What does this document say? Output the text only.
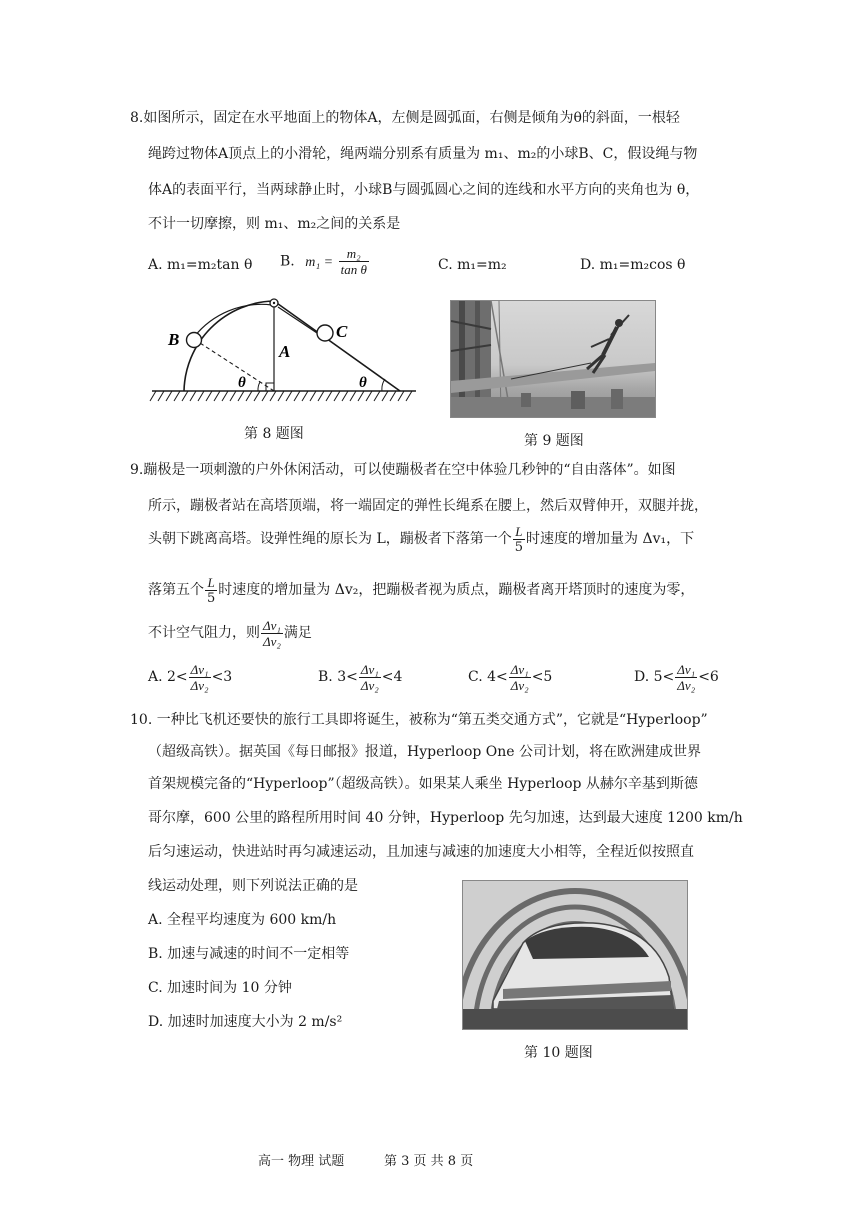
8.如图所示，固定在水平地面上的物体A，左侧是圆弧面，右侧是倾角为θ的斜面，一根轻
绳跨过物体A顶点上的小滑轮，绳两端分别系有质量为 m₁、m₂的小球B、C，假设绳与物
体A的表面平行，当两球静止时，小球B与圆弧圆心之间的连线和水平方向的夹角也为 θ，
不计一切摩擦，则 m₁、m₂之间的关系是
A. m₁=m₂tan θ B. $m_1 = \frac{\text{m₂}}{\text{tan θ}}$	C. m₁=m₂	D. m₁=m₂cos θ
B	C
A
θ	θ
第 8 题图	第 9 题图
9.蹦极是一项刺激的户外休闲活动，可以使蹦极者在空中体验几秒钟的“自由落体”。如图
所示，蹦极者站在高塔顶端，将一端固定的弹性长绳系在腰上，然后双臂伸开，双腿并拢，
头朝下跳离高塔。设弹性绳的原长为 L，蹦极者下落第一个 $\frac{L}{5}$ 时速度的增加量为 Δv₁，下
落第五个 $\frac{L}{5}$ 时速度的增加量为 Δv₂，把蹦极者视为质点，蹦极者离开塔顶时的速度为零，
不计空气阻力，则 $\frac{\text{Δv₁}}{\text{Δv₂}}$ 满足
A. $2< \frac{\text{Δv₁}}{\text{Δv₂}} <3$	B. $3< \frac{\text{Δv₁}}{\text{Δv₂}} <4$	C. $4< \frac{\text{Δv₁}}{\text{Δv₂}} <5$	D. $5< \frac{\text{Δv₁}}{\text{Δv₂}} <6$
10. 一种比飞机还要快的旅行工具即将诞生，被称为“第五类交通方式”，它就是“Hyperloop”
（超级高铁）。据英国《每日邮报》报道，Hyperloop One 公司计划，将在欧洲建成世界
首架规模完备的“Hyperloop”（超级高铁）。如果某人乘坐 Hyperloop 从赫尔辛基到斯德
哥尔摩，600 公里的路程所用时间 40 分钟，Hyperloop 先匀加速，达到最大速度 1200 km/h
后匀速运动，快进站时再匀减速运动，且加速与减速的加速度大小相等，全程近似按照直
线运动处理，则下列说法正确的是
A. 全程平均速度为 600 km/h
B. 加速与减速的时间不一定相等
C. 加速时间为 10 分钟
D. 加速时加速度大小为 2 m/s²
第 10 题图
高一 物理 试题	第 3 页 共 8 页
